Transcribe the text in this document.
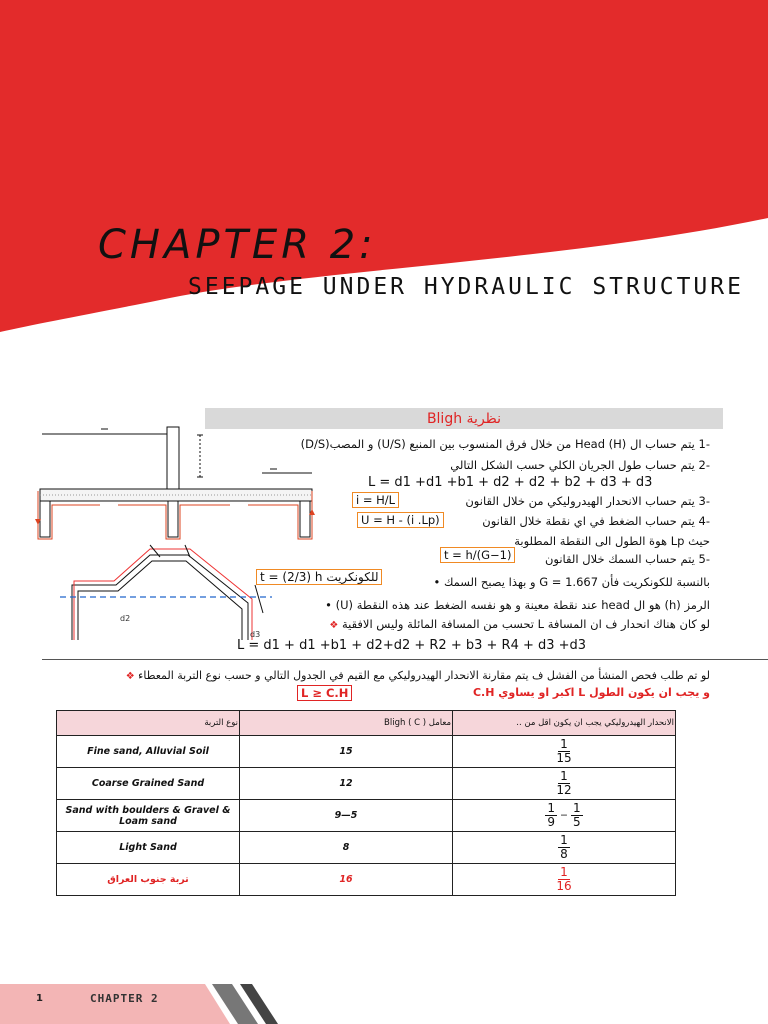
CHAPTER 2:
SEEPAGE UNDER HYDRAULIC STRUCTURE
نظرية Bligh
d2
d3
-1 يتم حساب ال Head (H) من خلال فرق المنسوب بين المنبع (U/S) و المصب(D/S)
-2 يتم حساب طول الجريان الكلي حسب الشكل التالي
L = d1 +d1 +b1 + d2 + d2 + b2 + d3 + d3
-3 يتم حساب الانحدار الهيدروليكي من خلال القانون
i = H/L
-4 يتم حساب الضغط في اي نقطة خلال القانون
U = H - (i .Lp)
حيث Lp هوة الطول الى النقطة المطلوبة
-5 يتم حساب السمك خلال القانون
t = h/(G−1)
بالنسبة للكونكريت فأن G = 1.667 و بهذا يصبح السمك •
t = (2/3) h للكونكريت
الرمز (h) هو ال head عند نقطة معينة و هو نفسه الضغط عند هذه النقطة (U) •
لو كان هناك انحدار ف ان المسافة L تحسب من المسافة المائلة وليس الافقية ❖
L = d1 + d1 +b1 + d2+d2 + R2 + b3 + R4 + d3 +d3
لو تم طلب فحص المنشأ من الفشل ف يتم مقارنة الانحدار الهيدروليكي مع القيم في الجدول التالي و حسب نوع التربة المعطاء ❖
و يجب ان يكون الطول L اكبر او يساوي C.H
L ≥ C.H
نوع التربة	معامل Bligh ( C )	الانحدار الهيدروليكي يجب ان يكون اقل من ..
Fine sand, Alluvial Soil	15	$\frac{1}{15}$

Coarse Grained Sand	12	$\frac{1}{12}$

Sand with boulders & Gravel & Loam sand	9—5	$\frac{1}{9} - \frac{1}{5}$

Light Sand	8	$\frac{1}{8}$

تربة جنوب العراق	16	$\frac{1}{16}$
1	CHAPTER 2
